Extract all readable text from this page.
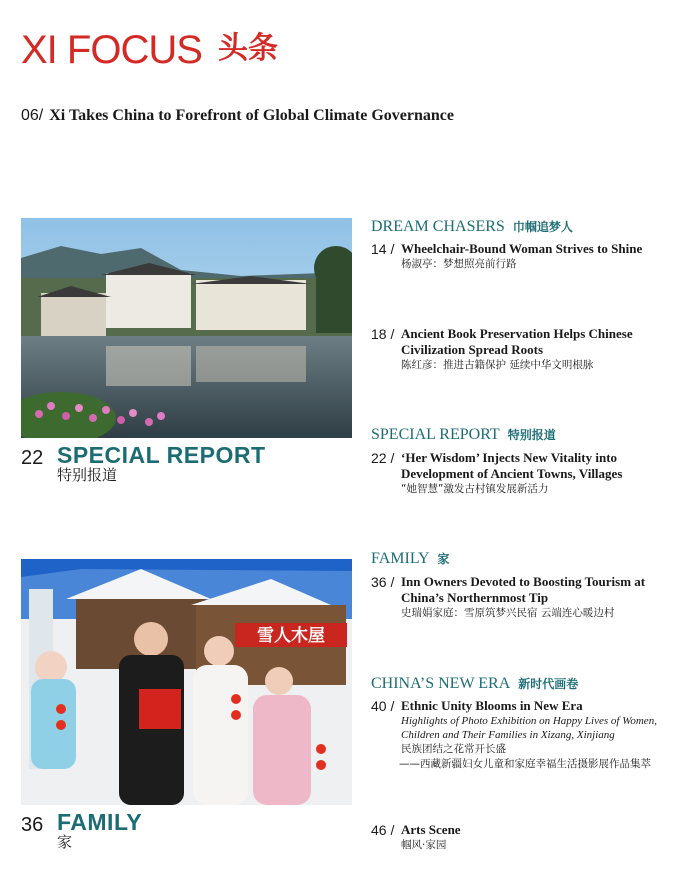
XI FOCUS 头条
06/ Xi Takes China to Forefront of Global Climate Governance
22 SPECIAL REPORT
特别报道
雪人木屋
36 FAMILY
家
DREAM CHASERS 巾帼追梦人
14 / Wheelchair-Bound Woman Strives to Shine
杨淑亭：梦想照亮前行路
18 / Ancient Book Preservation Helps Chinese Civilization Spread Roots
陈红彦：推进古籍保护 延续中华文明根脉
SPECIAL REPORT 特别报道
22 / ‘Her Wisdom’ Injects New Vitality into Development of Ancient Towns, Villages
“她智慧”激发古村镇发展新活力
FAMILY 家
36 / Inn Owners Devoted to Boosting Tourism at China’s Northernmost Tip
史瑞娟家庭：雪原筑梦兴民宿 云端连心暖边村
CHINA’S NEW ERA 新时代画卷
40 / Ethnic Unity Blooms in New Era
Highlights of Photo Exhibition on Happy Lives of Women, Children and Their Families in Xizang, Xinjiang
民族团结之花常开长盛
——西藏新疆妇女儿童和家庭幸福生活摄影展作品集萃
46 / Arts Scene
帼风·家园
